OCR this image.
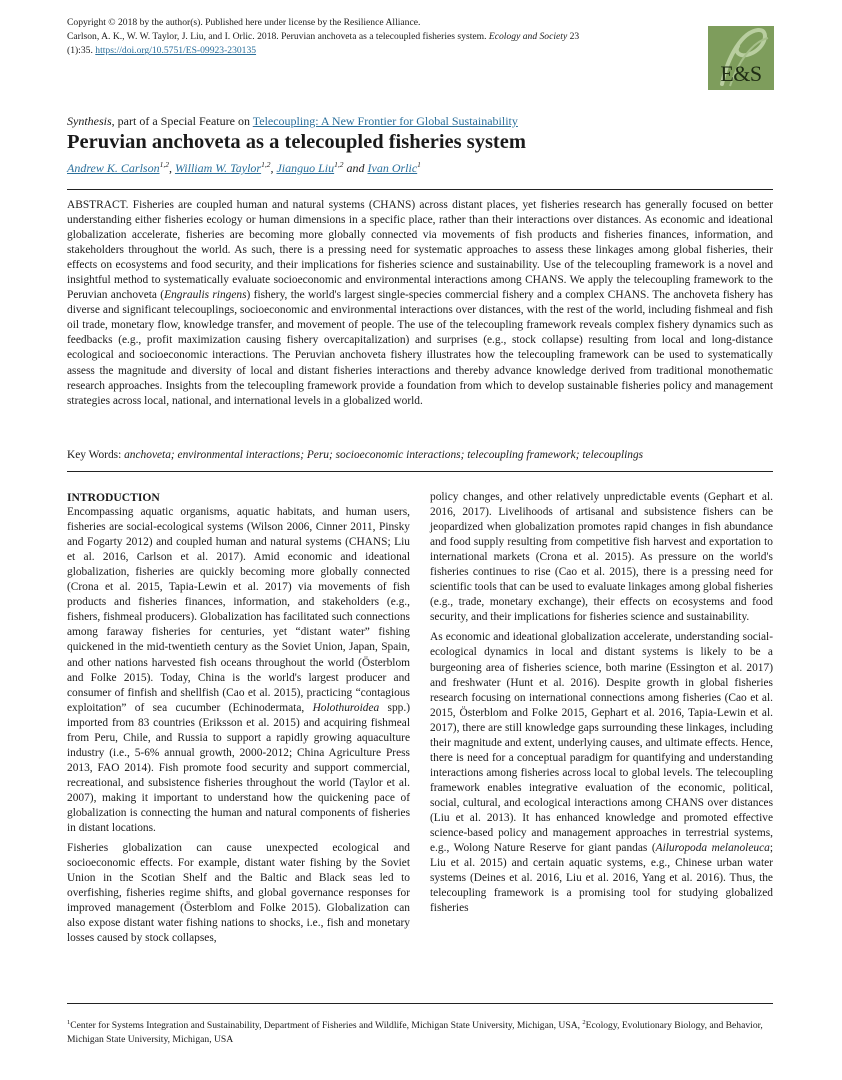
Copyright © 2018 by the author(s). Published here under license by the Resilience Alliance.
Carlson, A. K., W. W. Taylor, J. Liu, and I. Orlic. 2018. Peruvian anchoveta as a telecoupled fisheries system. Ecology and Society 23
(1):35. https://doi.org/10.5751/ES-09923-230135
E&S
Synthesis, part of a Special Feature on Telecoupling: A New Frontier for Global Sustainability
Peruvian anchoveta as a telecoupled fisheries system
Andrew K. Carlson$^{1,2}$, William W. Taylor$^{1,2}$, Jianguo Liu$^{1,2}$ and Ivan Orlic$^1$

ABSTRACT. Fisheries are coupled human and natural systems (CHANS) across distant places, yet fisheries research has generally focused on better understanding either fisheries ecology or human dimensions in a specific place, rather than their interactions over distances. As economic and ideational globalization accelerate, fisheries are becoming more globally connected via movements of fish products and fisheries finances, information, and stakeholders throughout the world. As such, there is a pressing need for systematic approaches to assess these linkages among global fisheries, their effects on ecosystems and food security, and their implications for fisheries science and sustainability. Use of the telecoupling framework is a novel and insightful method to systematically evaluate socioeconomic and environmental interactions among CHANS. We apply the telecoupling framework to the Peruvian anchoveta (Engraulis ringens) fishery, the world's largest single-species commercial fishery and a complex CHANS. The anchoveta fishery has diverse and significant telecouplings, socioeconomic and environmental interactions over distances, with the rest of the world, including fishmeal and fish oil trade, monetary flow, knowledge transfer, and movement of people. The use of the telecoupling framework reveals complex fishery dynamics such as feedbacks (e.g., profit maximization causing fishery overcapitalization) and surprises (e.g., stock collapse) resulting from local and long-distance ecological and socioeconomic interactions. The Peruvian anchoveta fishery illustrates how the telecoupling framework can be used to systematically assess the magnitude and diversity of local and distant fisheries interactions and thereby advance knowledge derived from traditional monothematic research approaches. Insights from the telecoupling framework provide a foundation from which to develop sustainable fisheries policy and management strategies across local, national, and international levels in a globalized world.

Key Words: anchoveta; environmental interactions; Peru; socioeconomic interactions; telecoupling framework; telecouplings

INTRODUCTION

Encompassing aquatic organisms, aquatic habitats, and human users, fisheries are social-ecological systems (Wilson 2006, Cinner 2011, Pinsky and Fogarty 2012) and coupled human and natural systems (CHANS; Liu et al. 2016, Carlson et al. 2017). Amid economic and ideational globalization, fisheries are quickly becoming more globally connected (Crona et al. 2015, Tapia-Lewin et al. 2017) via movements of fish products and fisheries finances, information, and stakeholders (e.g., fishers, fishmeal producers). Globalization has facilitated such connections among faraway fisheries for centuries, yet “distant water” fishing quickened in the mid-twentieth century as the Soviet Union, Japan, Spain, and other nations harvested fish oceans throughout the world (Österblom and Folke 2015). Today, China is the world's largest producer and consumer of finfish and shellfish (Cao et al. 2015), practicing “contagious exploitation” of sea cucumber (Echinodermata, Holothuroidea spp.) imported from 83 countries (Eriksson et al. 2015) and acquiring fishmeal from Peru, Chile, and Russia to support a rapidly growing aquaculture industry (i.e., 5-6% annual growth, 2000-2012; China Agriculture Press 2013, FAO 2014). Fish promote food security and support commercial, recreational, and subsistence fisheries throughout the world (Taylor et al. 2007), making it important to understand how the quickening pace of globalization is connecting the human and natural components of fisheries in distant locations.

Fisheries globalization can cause unexpected ecological and socioeconomic effects. For example, distant water fishing by the Soviet Union in the Scotian Shelf and the Baltic and Black seas led to overfishing, fisheries regime shifts, and global governance responses for improved management (Österblom and Folke 2015). Globalization can also expose distant water fishing nations to shocks, i.e., fish and monetary losses caused by stock collapses,

policy changes, and other relatively unpredictable events (Gephart et al. 2016, 2017). Livelihoods of artisanal and subsistence fishers can be jeopardized when globalization promotes rapid changes in fish abundance and food supply resulting from competitive fish harvest and exportation to international markets (Crona et al. 2015). As pressure on the world's fisheries continues to rise (Cao et al. 2015), there is a pressing need for scientific tools that can be used to evaluate linkages among global fisheries (e.g., trade, monetary exchange), their effects on ecosystems and food security, and their implications for fisheries science and sustainability.

As economic and ideational globalization accelerate, understanding social-ecological dynamics in local and distant systems is likely to be a burgeoning area of fisheries science, both marine (Essington et al. 2017) and freshwater (Hunt et al. 2016). Despite growth in global fisheries research focusing on international connections among fisheries (Cao et al. 2015, Österblom and Folke 2015, Gephart et al. 2016, Tapia-Lewin et al. 2017), there are still knowledge gaps surrounding these linkages, including their magnitude and extent, underlying causes, and ultimate effects. Hence, there is need for a conceptual paradigm for quantifying and understanding interactions among fisheries across local to global levels. The telecoupling framework enables integrative evaluation of the economic, political, social, cultural, and ecological interactions among CHANS over distances (Liu et al. 2013). It has enhanced knowledge and promoted effective science-based policy and management approaches in terrestrial systems, e.g., Wolong Nature Reserve for giant pandas (Ailuropoda melanoleuca; Liu et al. 2015) and certain aquatic systems, e.g., Chinese urban water systems (Deines et al. 2016, Liu et al. 2016, Yang et al. 2016). Thus, the telecoupling framework is a promising tool for studying globalized fisheries

$^1$Center for Systems Integration and Sustainability, Department of Fisheries and Wildlife, Michigan State University, Michigan, USA, $^2$Ecology, Evolutionary Biology, and Behavior, Michigan State University, Michigan, USA
